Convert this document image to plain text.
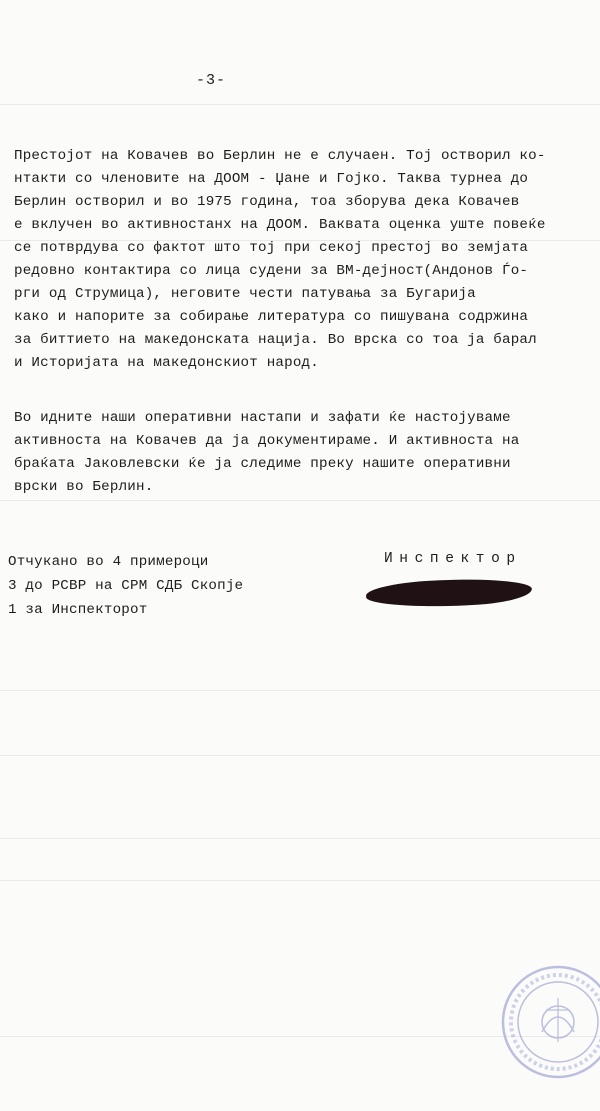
-3-
Престојот на Ковачев во Берлин не е случаен. Тој остворил ко-
нтакти со членовите на ДООМ - Џане и Гојко. Таква турнеа до
Берлин остворил и во 1975 година, тоа зборува дека Ковачев
е вклучен во активностанх на ДООМ. Ваквата оценка уште повеќе
се потврдува со фактот што тој при секој престој во земјата
редовно контактира со лица судени за ВМ-дејност(Андонов Ѓо-
рги од Струмица), неговите чести патувања за Бугарија
како и напорите за собирање литература со пишувана содржина
за биттието на македонската нација. Во врска со тоа ја барал
и Историјата на македонскиот народ.
Во идните наши оперативни настапи и зафати ќе настојуваме
активноста на Ковачев да ја документираме. И активноста на
браќата Јаковлевски ќе ја следиме преку нашите оперативни
врски во Берлин.
Отчукано во 4 примероци
3 до РСВР на СРМ СДБ Скопје
1 за Инспекторот
Инспектор
